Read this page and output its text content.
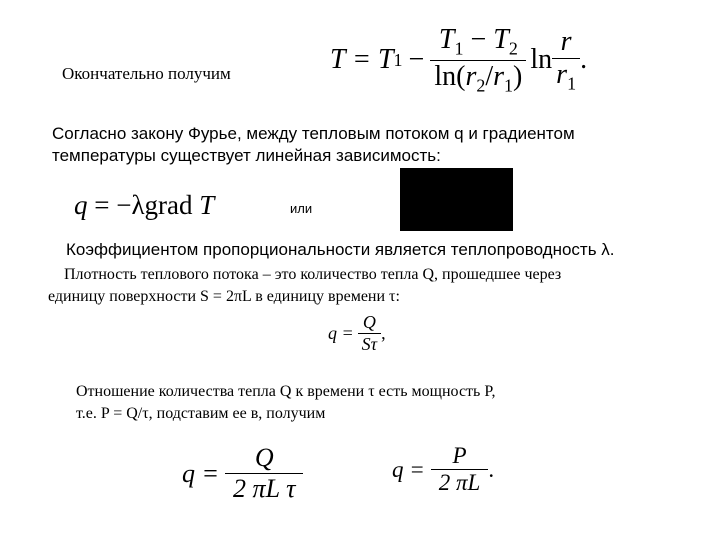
Окончательно получим	T = T $1 - \frac{T_1 - T_2}{\ln(r_2/r_1)}$ $\ln \frac{r}{r_1}$ .
Согласно закону Фурье, между тепловым потоком q и градиентом
температуры существует линейная зависимость:
q = −λgrad T	или
Коэффициентом пропорциональности является теплопроводность λ.
Плотность теплового потока – это количество тепла Q, прошедшее через
единицу поверхности S = 2πL в единицу времени τ:
$q = \frac{Q}{S\tau}$ ,
Отношение количества тепла Q к времени τ есть мощность P,
т.е. P = Q/τ, подставим ее в, получим
$q = \frac{Q}{\text{2 πL τ}}$	$q = \frac{P}{2 \pi L}$ .
